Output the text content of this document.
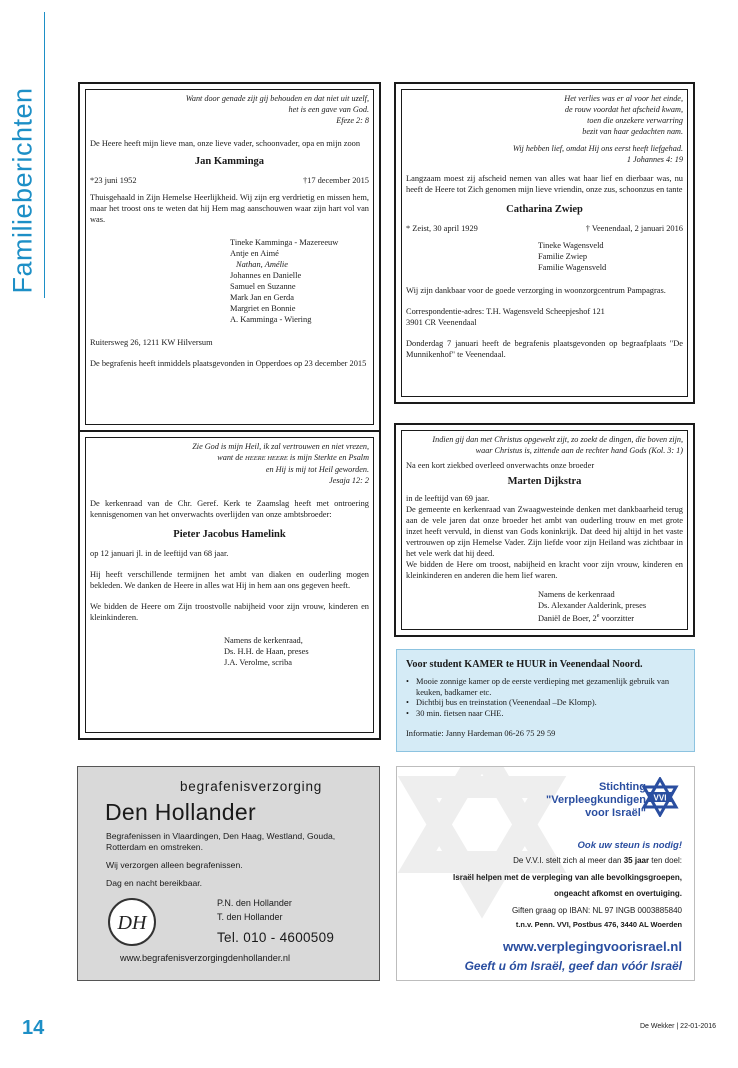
Familieberichten	Want door genade zijt gij behouden en dat niet uit uzelf,
het is een gave van God.
Efeze 2: 8
De Heere heeft mijn lieve man, onze lieve vader, schoonvader, opa en mijn zoon
Jan Kamminga
*23 juni 1952	†17 december 2015
Thuisgehaald in Zijn Hemelse Heerlijkheid. Wij zijn erg verdrietig en missen hem, maar het troost ons te weten dat hij Hem mag aanschouwen waar zijn hart vol van was.
Tineke Kamminga - Mazereeuw
Antje en Aimé
Nathan, Amélie
Johannes en Danielle
Samuel en Suzanne
Mark Jan en Gerda
Margriet en Bonnie
A. Kamminga - Wiering
Ruitersweg 26, 1211 KW Hilversum
De begrafenis heeft inmiddels plaatsgevonden in Opperdoes op 23 december 2015
Het verlies was er al voor het einde,
de rouw voordat het afscheid kwam,
toen die onzekere verwarring
bezit van haar gedachten nam.
Wij hebben lief, omdat Hij ons eerst heeft liefgehad.
1 Johannes 4: 19
Langzaam moest zij afscheid nemen van alles wat haar lief en dierbaar was, nu heeft de Heere tot Zich genomen mijn lieve vriendin, onze zus, schoonzus en tante
Catharina Zwiep
* Zeist, 30 april 1929	† Veenendaal, 2 januari 2016
Tineke Wagensveld
Familie Zwiep
Familie Wagensveld
Wij zijn dankbaar voor de goede verzorging in woonzorgcentrum Pampagras.
Correspondentie-adres: T.H. Wagensveld Scheepjeshof 121
3901 CR Veenendaal
Donderdag 7 januari heeft de begrafenis plaatsgevonden op begraafplaats "De Munnikenhof" te Veenendaal.
Indien gij dan met Christus opgewekt zijt, zo zoekt de dingen, die boven zijn,
waar Christus is, zittende aan de rechter hand Gods (Kol. 3: 1)
Na een kort ziekbed overleed onverwachts onze broeder
Marten Dijkstra
in de leeftijd van 69 jaar.
De gemeente en kerkenraad van Zwaagwesteinde denken met dankbaarheid terug aan de vele jaren dat onze broeder het ambt van ouderling trouw en met grote inzet heeft vervuld, in dienst van Gods koninkrijk. Dat deed hij altijd in het vaste vertrouwen op zijn Hemelse Vader. Zijn liefde voor zijn Heiland was zichtbaar in het vele werk dat hij deed.
We bidden de Here om troost, nabijheid en kracht voor zijn vrouw, kinderen en kleinkinderen en anderen die hem lief waren.
Namens de kerkenraad
Ds. Alexander Aalderink, preses
Daniël de Boer, 2e voorzitter
Zie God is mijn Heil, ik zal vertrouwen en niet vrezen,
want de HEERE HEERE is mijn Sterkte en Psalm
en Hij is mij tot Heil geworden.
Jesaja 12: 2
De kerkenraad van de Chr. Geref. Kerk te Zaamslag heeft met ontroering kennisgenomen van het onverwachts overlijden van onze ambtsbroeder:
Pieter Jacobus Hamelink
op 12 januari jl. in de leeftijd van 68 jaar.
Hij heeft verschillende termijnen het ambt van diaken en ouderling mogen bekleden. We danken de Heere in alles wat Hij in hem aan ons gegeven heeft.
We bidden de Heere om Zijn troostvolle nabijheid voor zijn vrouw, kinderen en kleinkinderen.
Namens de kerkenraad,
Ds. H.H. de Haan, preses
J.A. Verolme, scriba	Voor student KAMER te HUUR in Veenendaal Noord.
• Mooie zonnige kamer op de eerste verdieping met gezamenlijk gebruik van keuken, badkamer etc.
• Dichtbij bus en treinstation (Veenendaal –De Klomp).
• 30 min. fietsen naar CHE.
Informatie: Janny Hardeman 06-26 75 29 59
begrafenisverzorging
Den Hollander
Begrafenissen in Vlaardingen, Den Haag, Westland, Gouda,
Rotterdam en omstreken.
Wij verzorgen alleen begrafenissen.
Dag en nacht bereikbaar.
DH
P.N. den Hollander
T. den Hollander
Tel. 010 - 4600509
www.begrafenisverzorgingdenhollander.nl
Stichting
"Verpleegkundigen
voor Israël"
VVI
Ook uw steun is nodig!
De V.V.I. stelt zich al meer dan 35 jaar ten doel:
Israël helpen met de verpleging van alle bevolkingsgroepen,
ongeacht afkomst en overtuiging.
Giften graag op IBAN: NL 97 INGB 0003885840
t.n.v. Penn. VVI, Postbus 476, 3440 AL Woerden
www.verplegingvoorisrael.nl
Geeft u óm Israël, geef dan vóór Israël
14	De Wekker | 22-01-2016
